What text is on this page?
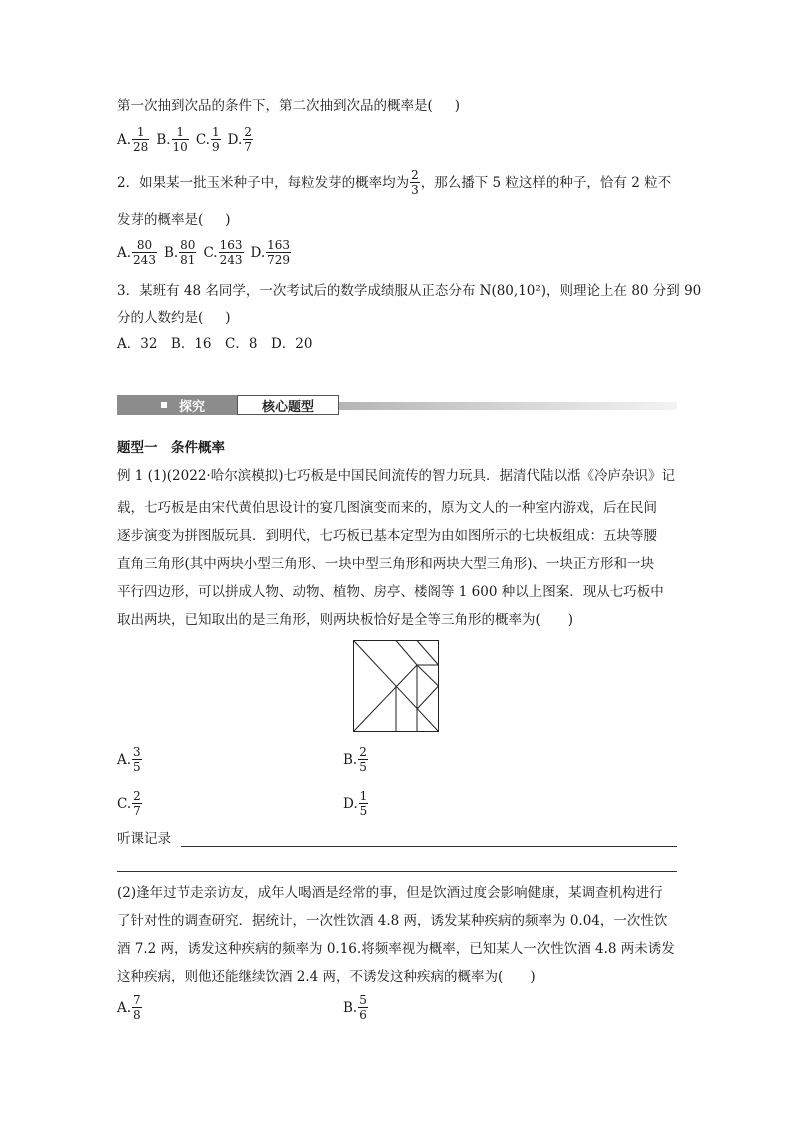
第一次抽到次品的条件下，第二次抽到次品的概率是( )
A. $\frac{1}{28} B$. $\frac{1}{10} C$. $\frac{1}{9} D$. $\frac{2}{7}$
2．如果某一批玉米种子中，每粒发芽的概率均为 $\frac{2}{3}$ ，那么播下 5 粒这样的种子，恰有 2 粒不
发芽的概率是( )
A. $\frac{80}{243} B$. $\frac{80}{81} C$. $\frac{163}{243} D$. $\frac{163}{729}$
3．某班有 48 名同学，一次考试后的数学成绩服从正态分布 N(80,10²)，则理论上在 80 分到 90
分的人数约是( )
A．32　B．16　C．8　D．20
探究	核心题型
题型一　条件概率
例 1 (1)(2022·哈尔滨模拟)七巧板是中国民间流传的智力玩具．据清代陆以湉《冷庐杂识》记
载，七巧板是由宋代黄伯思设计的宴几图演变而来的，原为文人的一种室内游戏，后在民间
逐步演变为拼图版玩具．到明代，七巧板已基本定型为由如图所示的七块板组成：五块等腰
直角三角形(其中两块小型三角形、一块中型三角形和两块大型三角形)、一块正方形和一块
平行四边形，可以拼成人物、动物、植物、房亭、楼阁等 1 600 种以上图案．现从七巧板中
取出两块，已知取出的是三角形，则两块板恰好是全等三角形的概率为(　　)
A. $\frac{3}{5}$	B. $\frac{2}{5}$
C. $\frac{2}{7}$	D. $\frac{1}{5}$
听课记录
(2)逢年过节走亲访友，成年人喝酒是经常的事，但是饮酒过度会影响健康，某调查机构进行
了针对性的调查研究．据统计，一次性饮酒 4.8 两，诱发某种疾病的频率为 0.04，一次性饮
酒 7.2 两，诱发这种疾病的频率为 0.16.将频率视为概率，已知某人一次性饮酒 4.8 两未诱发
这种疾病，则他还能继续饮酒 2.4 两，不诱发这种疾病的概率为(　　)
A. $\frac{7}{8}$	B. $\frac{5}{6}$
